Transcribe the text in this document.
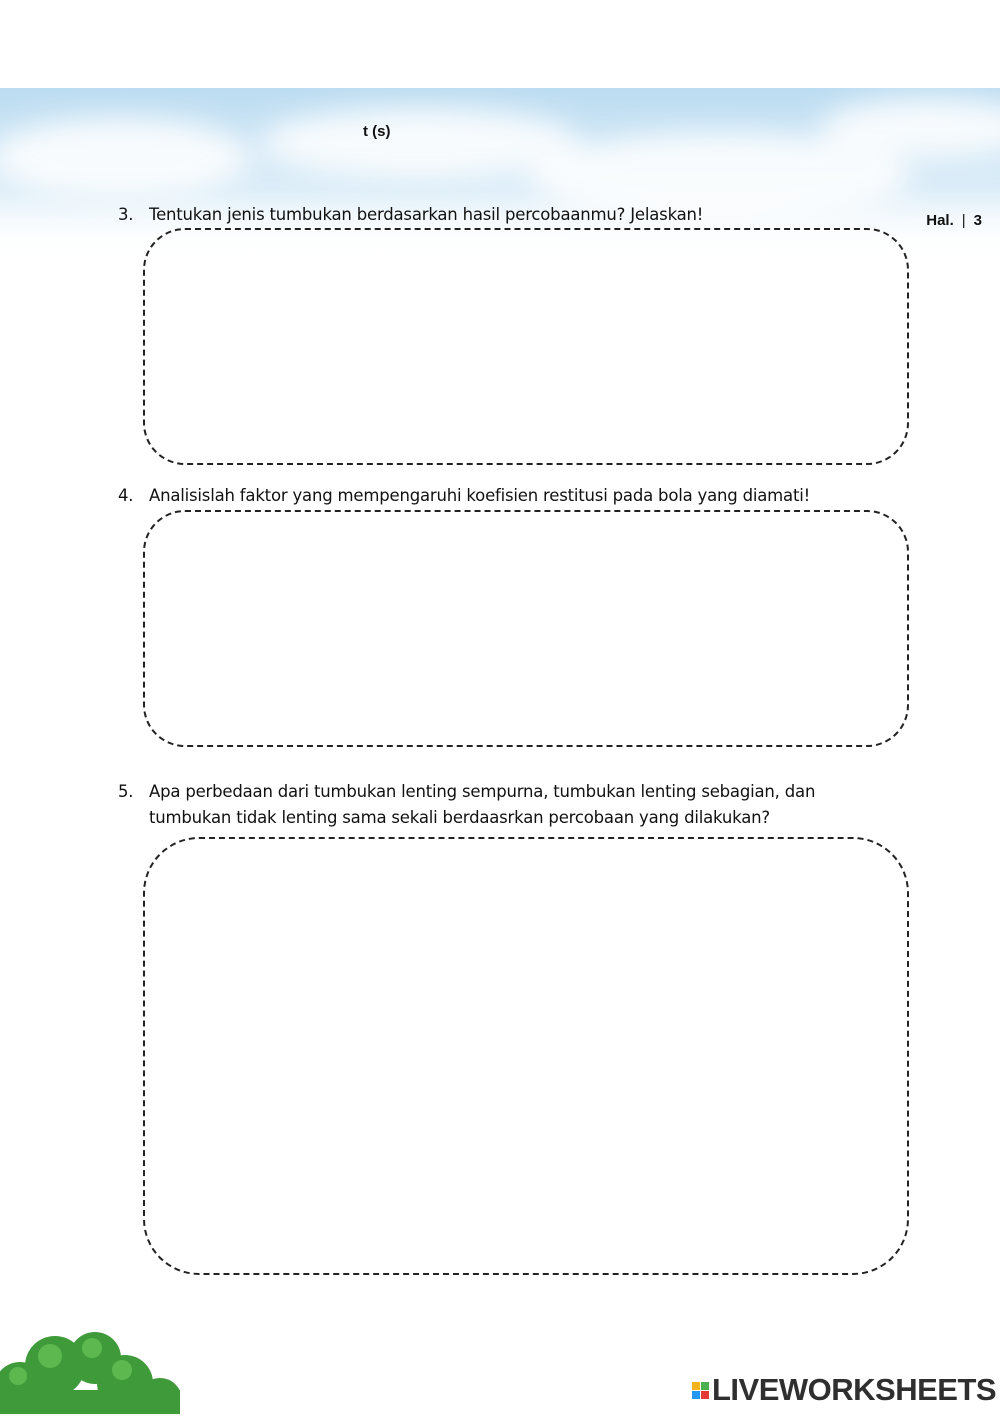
t (s)
Hal. | 3
3. Tentukan jenis tumbukan berdasarkan hasil percobaanmu? Jelaskan!
4. Analisislah faktor yang mempengaruhi koefisien restitusi pada bola yang diamati!
5. Apa perbedaan dari tumbukan lenting sempurna, tumbukan lenting sebagian, dan tumbukan tidak lenting sama sekali berdaasrkan percobaan yang dilakukan?
LIVEWORKSHEETS
